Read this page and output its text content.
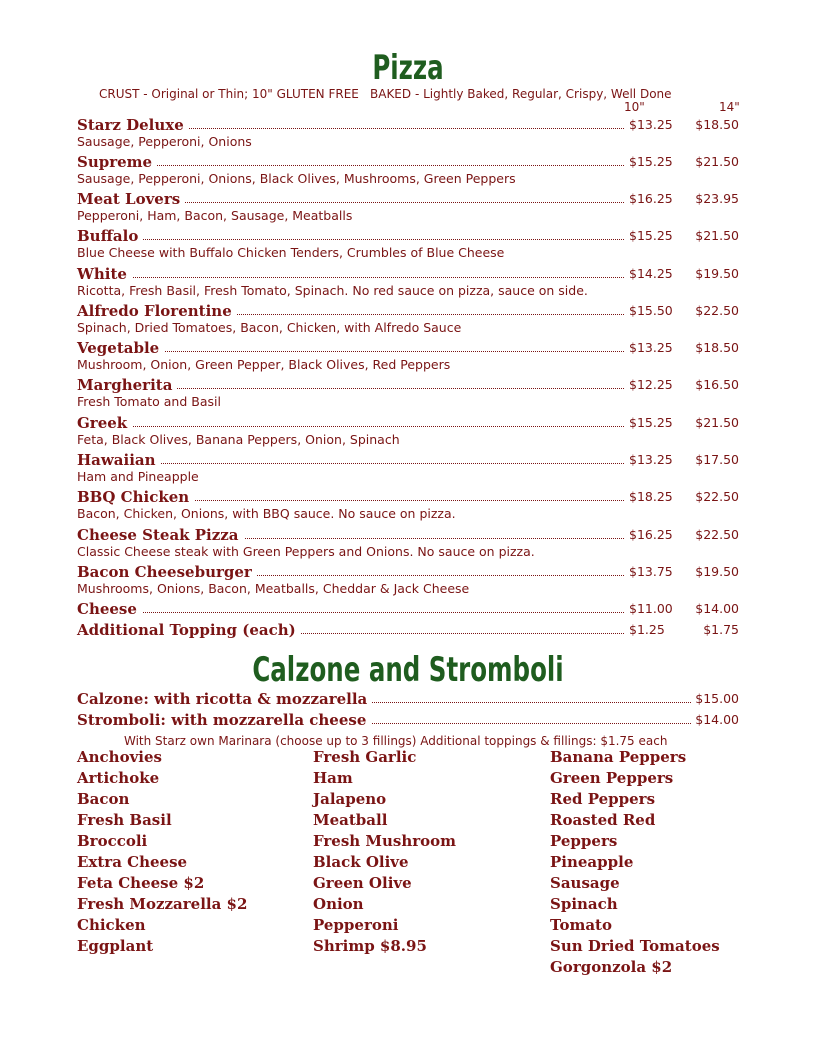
Pizza
CRUST - Original or Thin; 10" GLUTEN FREE BAKED - Lightly Baked, Regular, Crispy, Well Done
10"	14"
Starz Deluxe	$13.25 $18.50
Sausage, Pepperoni, Onions
Supreme	$15.25 $21.50
Sausage, Pepperoni, Onions, Black Olives, Mushrooms, Green Peppers
Meat Lovers	$16.25 $23.95
Pepperoni, Ham, Bacon, Sausage, Meatballs
Buffalo	$15.25 $21.50
Blue Cheese with Buffalo Chicken Tenders, Crumbles of Blue Cheese
White	$14.25 $19.50
Ricotta, Fresh Basil, Fresh Tomato, Spinach. No red sauce on pizza, sauce on side.
Alfredo Florentine	$15.50 $22.50
Spinach, Dried Tomatoes, Bacon, Chicken, with Alfredo Sauce
Vegetable	$13.25 $18.50
Mushroom, Onion, Green Pepper, Black Olives, Red Peppers
Margherita	$12.25 $16.50
Fresh Tomato and Basil
Greek	$15.25 $21.50
Feta, Black Olives, Banana Peppers, Onion, Spinach
Hawaiian	$13.25 $17.50
Ham and Pineapple
BBQ Chicken	$18.25 $22.50
Bacon, Chicken, Onions, with BBQ sauce. No sauce on pizza.
Cheese Steak Pizza	$16.25 $22.50
Classic Cheese steak with Green Peppers and Onions. No sauce on pizza.
Bacon Cheeseburger	$13.75 $19.50
Mushrooms, Onions, Bacon, Meatballs, Cheddar & Jack Cheese
Cheese	$11.00 $14.00
Additional Topping (each)	$1.25	$1.75
Calzone and Stromboli
Calzone: with ricotta & mozzarella	$15.00
Stromboli: with mozzarella cheese	$14.00
With Starz own Marinara (choose up to 3 fillings) Additional toppings & fillings: $1.75 each
Anchovies
Artichoke
Bacon
Fresh Basil
Broccoli
Extra Cheese
Feta Cheese $2
Fresh Mozzarella $2
Chicken
Eggplant
Fresh Garlic
Ham
Jalapeno
Meatball
Fresh Mushroom
Black Olive
Green Olive
Onion
Pepperoni
Shrimp $8.95
Banana Peppers
Green Peppers
Red Peppers
Roasted Red
Peppers
Pineapple
Sausage
Spinach
Tomato
Sun Dried Tomatoes
Gorgonzola $2
